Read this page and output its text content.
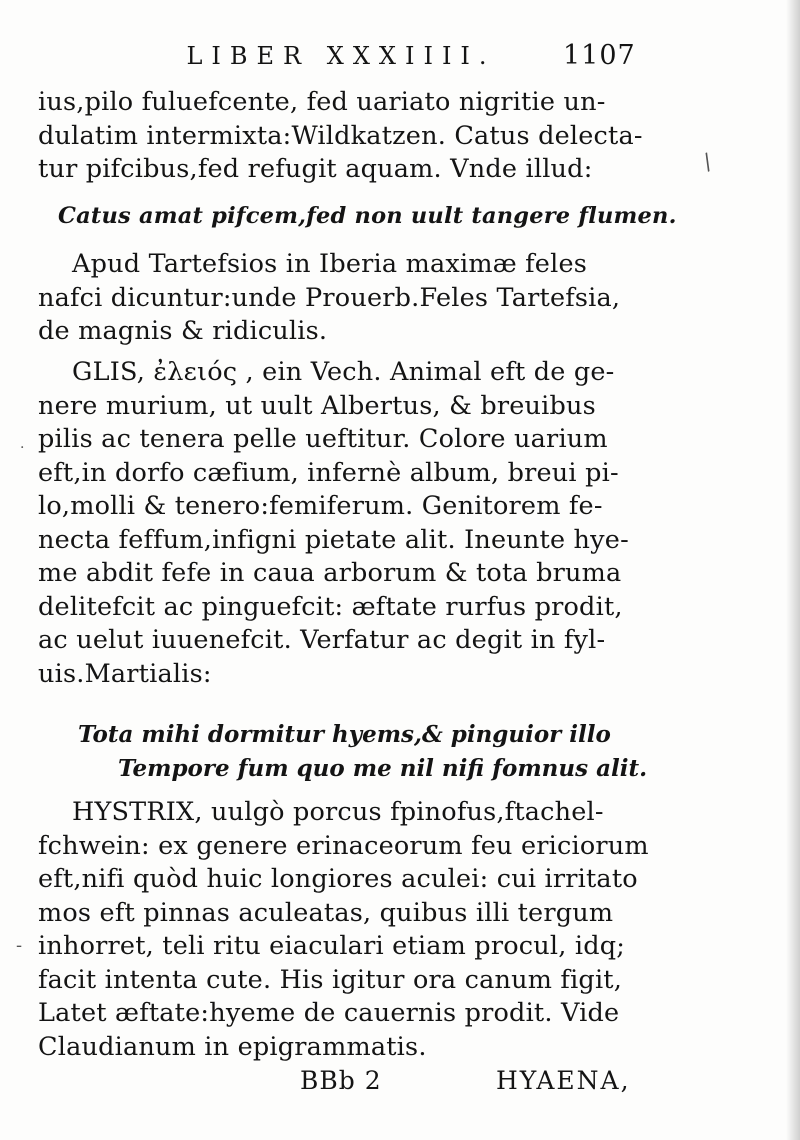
LIBER XXXIIII.	1107
ius,pilo fuluefcente, fed uariato nigritie un-
dulatim intermixta:Wildkatzen. Catus delecta-
tur pifcibus,fed refugit aquam. Vnde illud:
Catus amat pifcem,fed non uult tangere flumen.
Apud Tartefsios in Iberia maximæ feles
nafci dicuntur:unde Prouerb.Feles Tartefsia,
de magnis & ridiculis.
GLIS, ἐλειός , ein Vech. Animal eft de ge-
nere murium, ut uult Albertus, & breuibus
pilis ac tenera pelle ueftitur. Colore uarium
eft,in dorfo cæfium, infernè album, breui pi-
lo,molli & tenero:femiferum. Genitorem fe-
necta feffum,infigni pietate alit. Ineunte hye-
me abdit fefe in caua arborum & tota bruma
delitefcit ac pinguefcit: æftate rurfus prodit,
ac uelut iuuenefcit. Verfatur ac degit in fyl-
uis.Martialis:
Tota mihi dormitur hyems,& pinguior illo
Tempore fum quo me nil nifi fomnus alit.
HYSTRIX, uulgò porcus fpinofus,ftachel-
fchwein: ex genere erinaceorum feu ericiorum
eft,nifi quòd huic longiores aculei: cui irritato
mos eft pinnas aculeatas, quibus illi tergum
inhorret, teli ritu eiaculari etiam procul, idq;
facit intenta cute. His igitur ora canum figit,
Latet æftate:hyeme de cauernis prodit. Vide
Claudianum in epigrammatis.
BBb 2	HYAENA,
/
·
-
